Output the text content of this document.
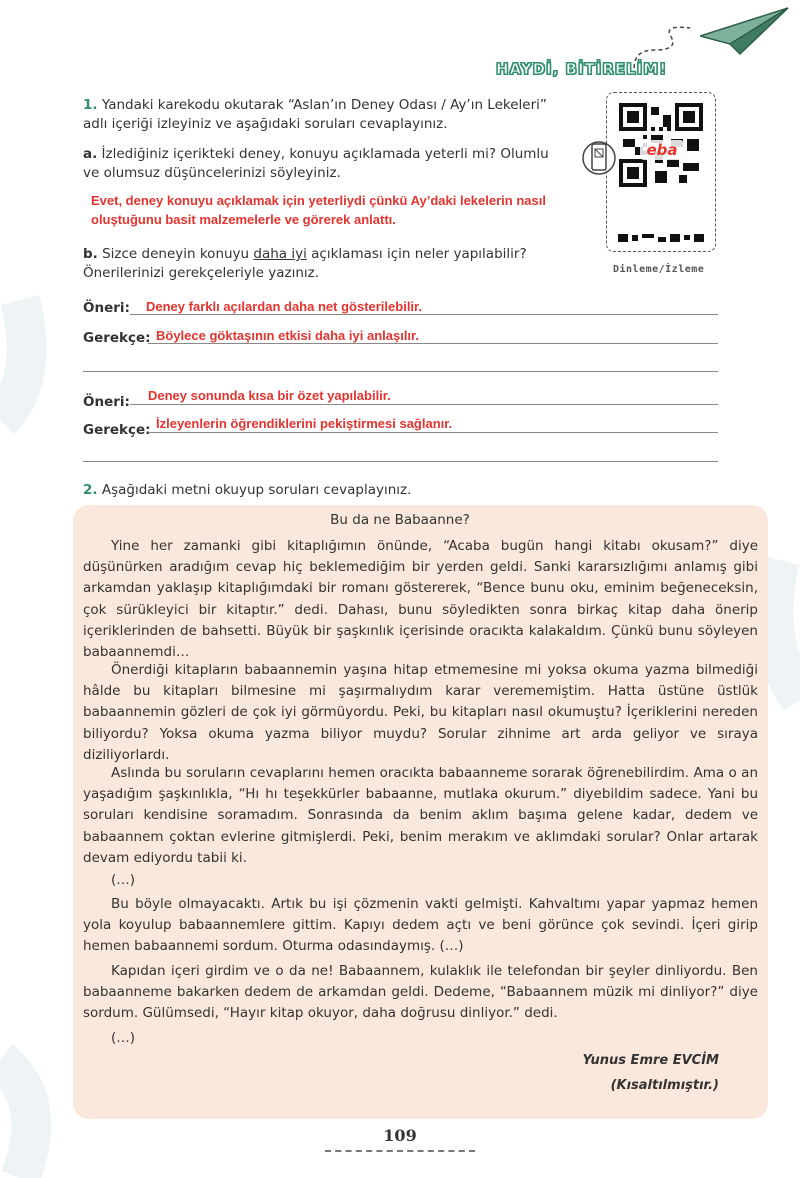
HAYDİ, BİTİRELİM!
1. Yandaki karekodu okutarak “Aslan’ın Deney Odası / Ay’ın Lekeleri”
adlı içeriği izleyiniz ve aşağıdaki soruları cevaplayınız.
a. İzlediğiniz içerikteki deney, konuyu açıklamada yeterli mi? Olumlu
ve olumsuz düşüncelerinizi söyleyiniz.
Evet, deney konuyu açıklamak için yeterliydi çünkü Ay’daki lekelerin nasıl
oluştuğunu basit malzemelerle ve görerek anlattı.
b. Sizce deneyin konuyu daha iyi açıklaması için neler yapılabilir?
Önerilerinizi gerekçeleriyle yazınız.
eba
Dinleme/İzleme
Öneri: Deney farklı açılardan daha net gösterilebilir.
Gerekçe: Böylece göktaşının etkisi daha iyi anlaşılır.
Öneri: Deney sonunda kısa bir özet yapılabilir.
Gerekçe: İzleyenlerin öğrendiklerini pekiştirmesi sağlanır.
2. Aşağıdaki metni okuyup soruları cevaplayınız.
Bu da ne Babaanne?

Yine her zamanki gibi kitaplığımın önünde, “Acaba bugün hangi kitabı okusam?” diye düşünürken aradığım cevap hiç beklemediğim bir yerden geldi. Sanki kararsızlığımı anlamış gibi arkamdan yaklaşıp kitaplığımdaki bir romanı göstererek, “Bence bunu oku, eminim beğeneceksin, çok sürükleyici bir kitaptır.” dedi. Dahası, bunu söyledikten sonra birkaç kitap daha önerip içeriklerinden de bahsetti. Büyük bir şaşkınlık içerisinde oracıkta kalakaldım. Çünkü bunu söyleyen babaannemdi…

Önerdiği kitapların babaannemin yaşına hitap etmemesine mi yoksa okuma yazma bilmediği hâlde bu kitapları bilmesine mi şaşırmalıydım karar verememiştim. Hatta üstüne üstlük babaannemin gözleri de çok iyi görmüyordu. Peki, bu kitapları nasıl okumuştu? İçeriklerini nereden biliyordu? Yoksa okuma yazma biliyor muydu? Sorular zihnime art arda geliyor ve sıraya diziliyorlardı.

Aslında bu soruların cevaplarını hemen oracıkta babaanneme sorarak öğrenebilirdim. Ama o an yaşadığım şaşkınlıkla, “Hı hı teşekkürler babaanne, mutlaka okurum.” diyebildim sadece. Yani bu soruları kendisine soramadım. Sonrasında da benim aklım başıma gelene kadar, dedem ve babaannem çoktan evlerine gitmişlerdi. Peki, benim merakım ve aklımdaki sorular? Onlar artarak devam ediyordu tabii ki.

(…)

Bu böyle olmayacaktı. Artık bu işi çözmenin vakti gelmişti. Kahvaltımı yapar yapmaz hemen yola koyulup babaannemlere gittim. Kapıyı dedem açtı ve beni görünce çok sevindi. İçeri girip hemen babaannemi sordum. Oturma odasındaymış. (…)

Kapıdan içeri girdim ve o da ne! Babaannem, kulaklık ile telefondan bir şeyler dinliyordu. Ben babaanneme bakarken dedem de arkamdan geldi. Dedeme, “Babaannem müzik mi dinliyor?” diye sordum. Gülümsedi, “Hayır kitap okuyor, daha doğrusu dinliyor.” dedi.

(…)
Yunus Emre EVCİM
(Kısaltılmıştır.)
109
